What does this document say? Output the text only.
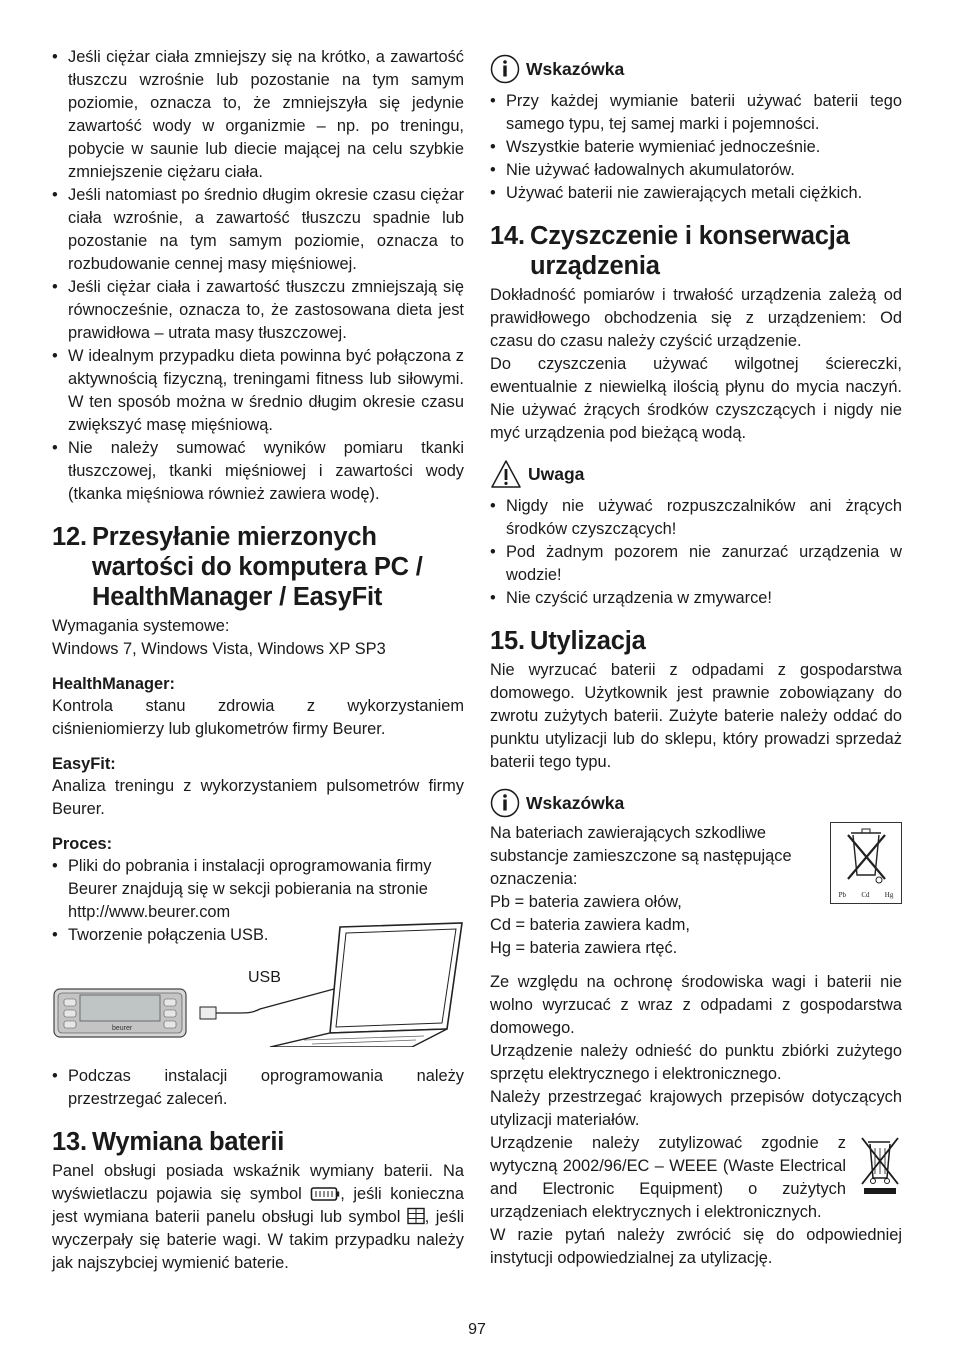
• Jeśli ciężar ciała zmniejszy się na krótko, a zawartość tłuszczu wzrośnie lub pozostanie na tym samym poziomie, oznacza to, że zmniejszyła się jedynie zawartość wody w organizmie – np. po treningu, pobycie w saunie lub diecie mającej na celu szybkie zmniejszenie ciężaru ciała.
• Jeśli natomiast po średnio długim okresie czasu ciężar ciała wzrośnie, a zawartość tłuszczu spadnie lub pozostanie na tym samym poziomie, oznacza to rozbudowanie cennej masy mięśniowej.
• Jeśli ciężar ciała i zawartość tłuszczu zmniejszają się równocześnie, oznacza to, że zastosowana dieta jest prawidłowa – utrata masy tłuszczowej.
• W idealnym przypadku dieta powinna być połączona z aktywnością fizyczną, treningami fitness lub siłowymi. W ten sposób można w średnio długim okresie czasu zwiększyć masę mięśniową.
• Nie należy sumować wyników pomiaru tkanki tłuszczowej, tkanki mięśniowej i zawartości wody (tkanka mięśniowa również zawiera wodę).
12. Przesyłanie mierzonych
wartości do komputera PC /
HealthManager / EasyFit

Wymagania systemowe:

Windows 7, Windows Vista, Windows XP SP3

HealthManager:

Kontrola stanu zdrowia z wykorzystaniem ciśnieniomierzy lub glukometrów firmy Beurer.

EasyFit:

Analiza treningu z wykorzystaniem pulsometrów firmy Beurer.

Proces:
• Pliki do pobrania i instalacji oprogramowania firmy Beurer znajdują się w sekcji pobierania na stronie http://www.beurer.com
• Tworzenie połączenia USB.
USB
beurer
• Podczas instalacji oprogramowania należy przestrzegać zaleceń.
13. Wymiana baterii

Panel obsługi posiada wskaźnik wymiany baterii. Na wyświetlaczu pojawia się symbol , jeśli konieczna jest wymiana baterii panelu obsługi lub symbol , jeśli wyczerpały się baterie wagi. W takim przypadku należy jak najszybciej wymienić baterie.

Wskazówka
• Przy każdej wymianie baterii używać baterii tego samego typu, tej samej marki i pojemności.
• Wszystkie baterie wymieniać jednocześnie.
• Nie używać ładowalnych akumulatorów.
• Używać baterii nie zawierających metali ciężkich.
14. Czyszczenie i konserwacja
urządzenia

Dokładność pomiarów i trwałość urządzenia zależą od prawidłowego obchodzenia się z urządzeniem: Od czasu do czasu należy czyścić urządzenie.

Do czyszczenia używać wilgotnej ściereczki, ewentualnie z niewielką ilością płynu do mycia naczyń. Nie używać żrących środków czyszczących i nigdy nie myć urządzenia pod bieżącą wodą.

Uwaga
• Nigdy nie używać rozpuszczalników ani żrących środków czyszczących!
• Pod żadnym pozorem nie zanurzać urządzenia w wodzie!
• Nie czyścić urządzenia w zmywarce!
15. Utylizacja

Nie wyrzucać baterii z odpadami z gospodarstwa domowego. Użytkownik jest prawnie zobowiązany do zwrotu zużytych baterii. Zużyte baterie należy oddać do punktu utylizacji lub do sklepu, który prowadzi sprzedaż baterii tego typu.

Wskazówka

Na bateriach zawierających szkodliwe substancje zamieszczone są następujące oznaczenia:

Pb = bateria zawiera ołów,

Cd = bateria zawiera kadm,

Hg = bateria zawiera rtęć.

Pb Cd Hg

Ze względu na ochronę środowiska wagi i baterii nie wolno wyrzucać z wraz z odpadami z gospodarstwa domowego.

Urządzenie należy odnieść do punktu zbiórki zużytego sprzętu elektrycznego i elektronicznego.

Należy przestrzegać krajowych przepisów dotyczących utylizacji materiałów.

Urządzenie należy zutylizować zgodnie z wytyczną 2002/96/EC – WEEE (Waste Electrical and Electronic Equipment) o zużytych urządzeniach elektrycznych i elektronicznych.

W razie pytań należy zwrócić się do odpowiedniej instytucji odpowiedzialnej za utylizację.

97
